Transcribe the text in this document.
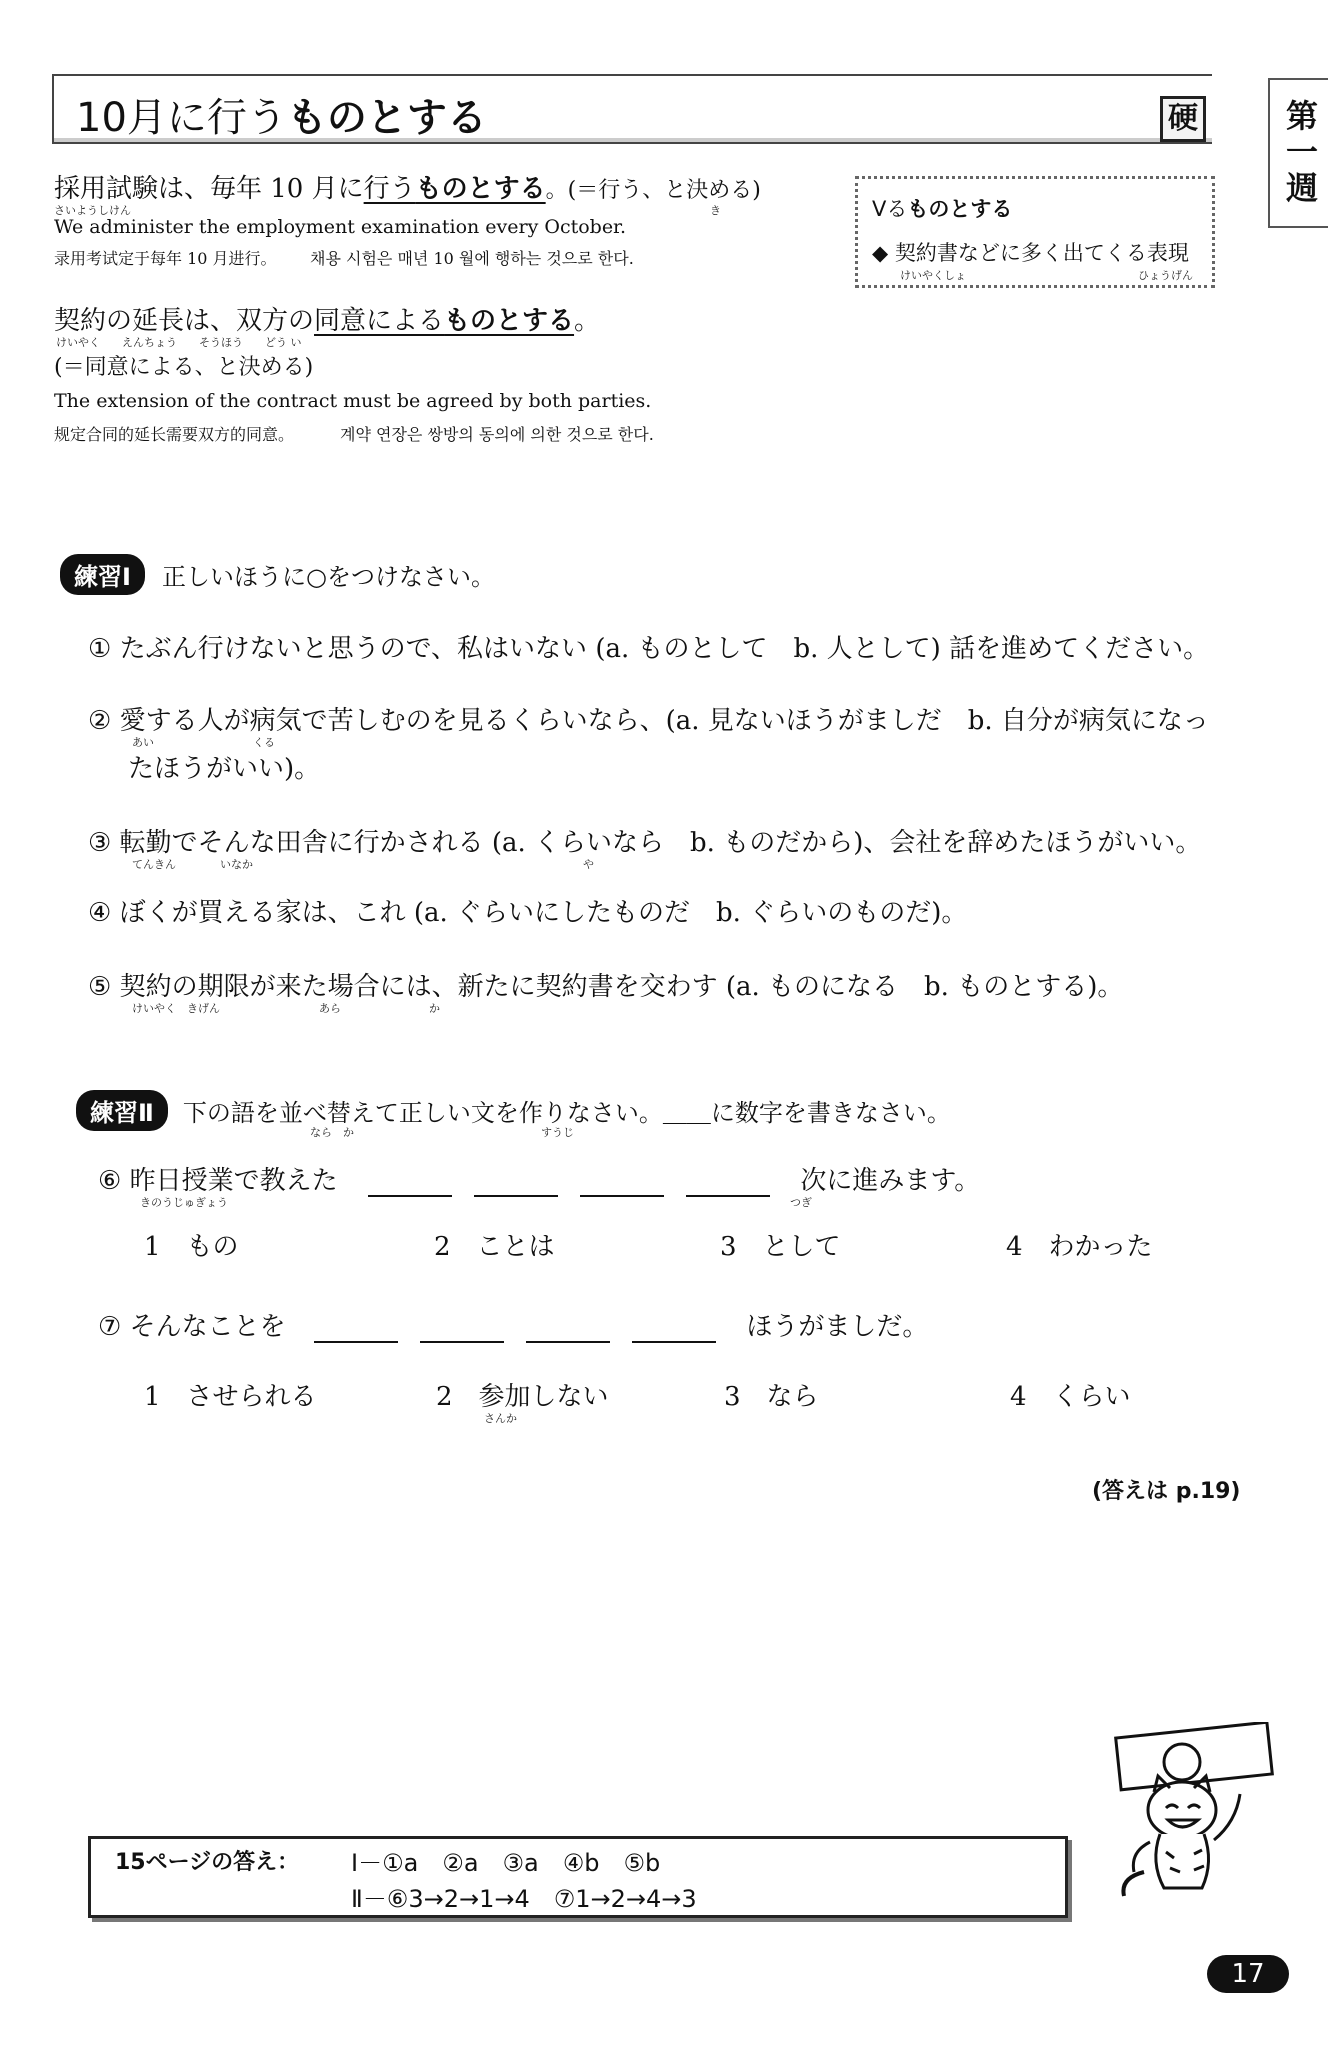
10月に行うものとする	硬	第一週
採用試験は、毎年 10 月に行うものとする。(＝行う、と決める)
さいようしけん	き
We administer the employment examination every October.
录用考试定于每年 10 月进行。 채용 시험은 매년 10 월에 행하는 것으로 한다.
Vるものとする
◆ 契約書などに多く出てくる表現
けいやくしょ	ひょうげん
契約の延長は、双方の同意によるものとする。
けいやく　　えんちょう　　そうほう　　どう い
(＝同意による、と決める)
The extension of the contract must be agreed by both parties.
规定合同的延长需要双方的同意。	계약 연장은 쌍방의 동의에 의한 것으로 한다.
練習Ⅰ 正しいほうに○をつけなさい。
① たぶん行けないと思うので、私はいない (a. ものとして　b. 人として) 話を進めてください。
② 愛する人が病気で苦しむのを見るくらいなら、(a. 見ないほうがましだ　b. 自分が病気になっ
あい　　　　　　　　　くる
たほうがいい)。
③ 転勤でそんな田舎に行かされる (a. くらいなら　b. ものだから)、会社を辞めたほうがいい。
てんきん　　　　いなか　　　　　　　　　　　　　　　　　　　　　　　　　　　　　　や
④ ぼくが買える家は、これ (a. ぐらいにしたものだ　b. ぐらいのものだ)。
⑤ 契約の期限が来た場合には、新たに契約書を交わす (a. ものになる　b. ものとする)。
けいやく　きげん　　　　　　　　　あら　　　　　　　　か
練習Ⅱ 下の語を並べ替えて正しい文を作りなさい。＿＿に数字を書きなさい。
なら　か　　　　　　　　　　　　　　　　　すうじ
⑥ 昨日授業で教えた	次に進みます。
きのうじゅぎょう	つぎ
1　もの	2　ことは	3　として	4　わかった
⑦ そんなことを	ほうがましだ。
1　させられる	2　参加しない
さんか
3　なら	4　くらい
(答えは p.19)
15ページの答え： Ⅰ－①a　②a　③a　④b　⑤b
Ⅱ－⑥3→2→1→4　⑦1→2→4→3
17
